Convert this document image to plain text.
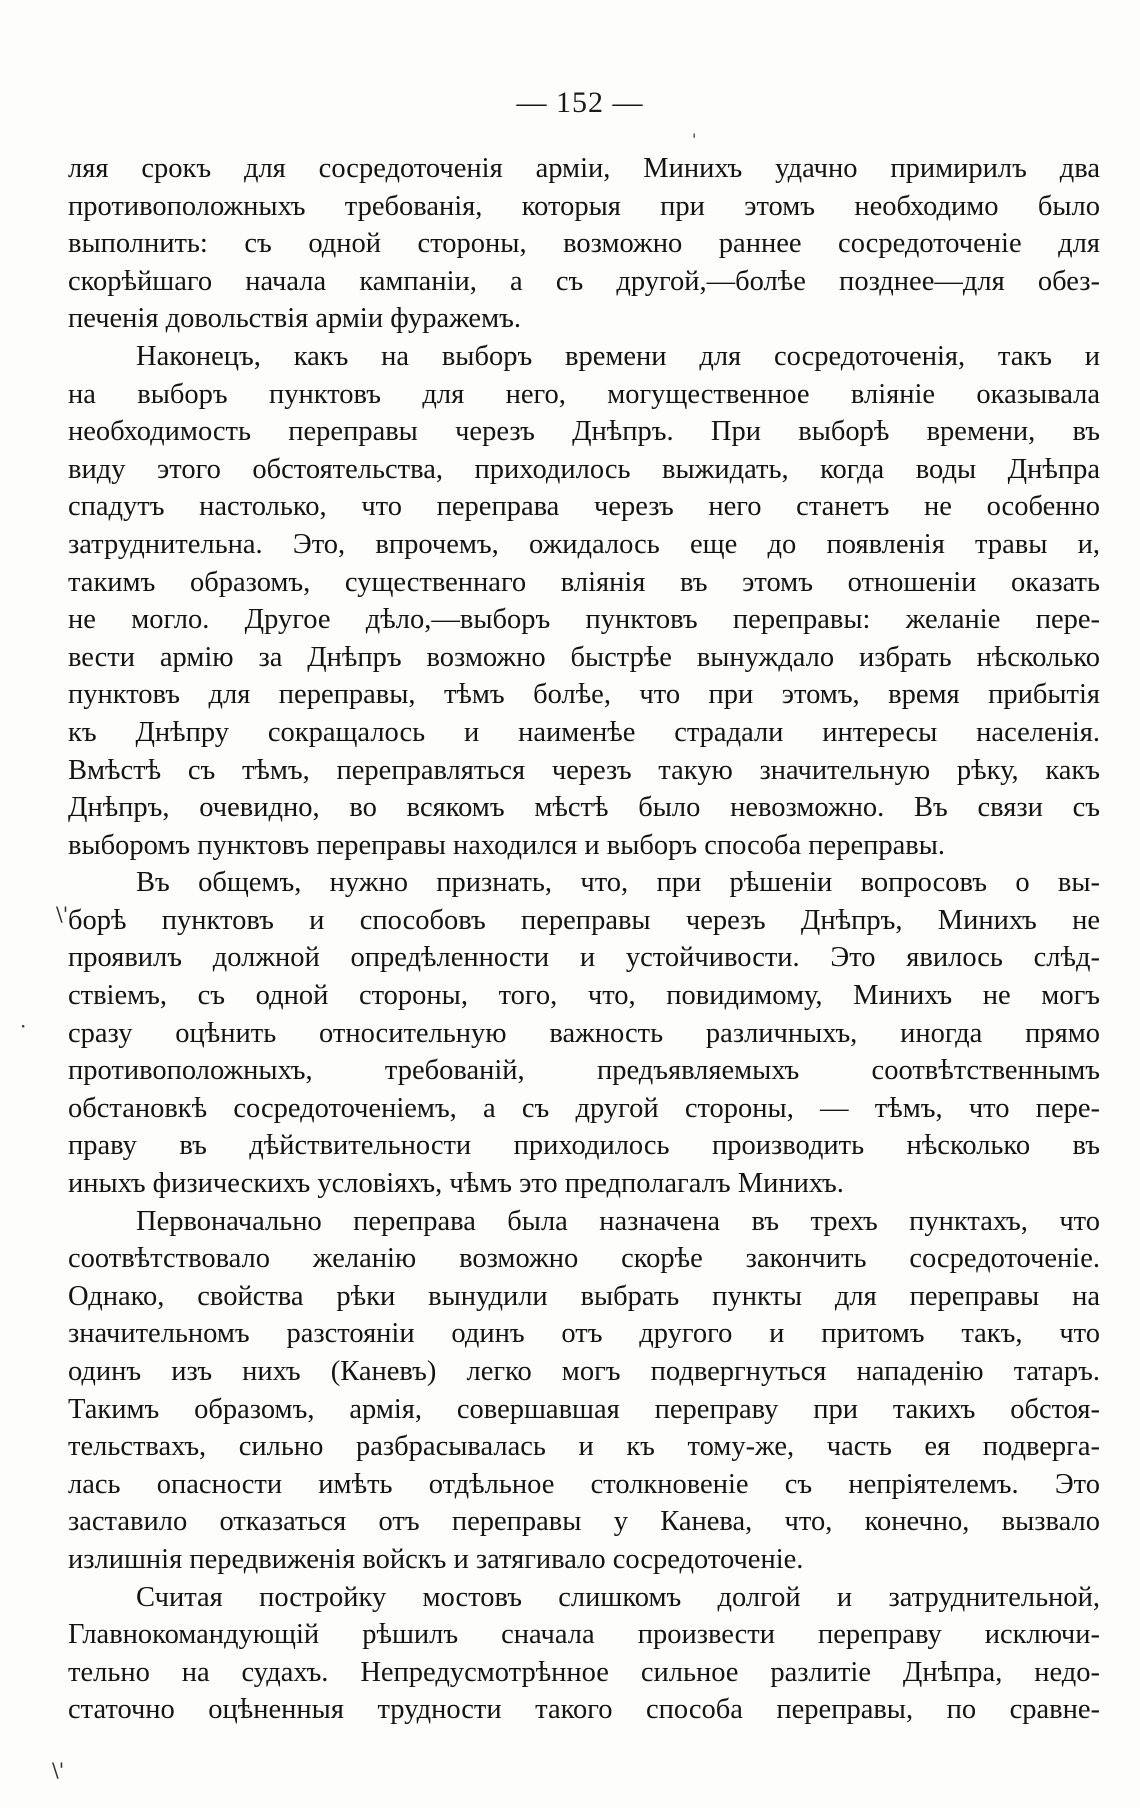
— 152 —
ляя срокъ для сосредоточенія арміи, Минихъ удачно примирилъ два
противоположныхъ требованія, которыя при этомъ необходимо было
выполнить: съ одной стороны, возможно раннее сосредоточеніе для
скорѣйшаго начала кампаніи, а съ другой,—болѣе позднее—для обез-
печенія довольствія арміи фуражемъ.
Наконецъ, какъ на выборъ времени для сосредоточенія, такъ и
на выборъ пунктовъ для него, могущественное вліяніе оказывала
необходимость переправы черезъ Днѣпръ. При выборѣ времени, въ
виду этого обстоятельства, приходилось выжидать, когда воды Днѣпра
спадутъ настолько, что переправа черезъ него станетъ не особенно
затруднительна. Это, впрочемъ, ожидалось еще до появленія травы и,
такимъ образомъ, существеннаго вліянія въ этомъ отношеніи оказать
не могло. Другое дѣло,—выборъ пунктовъ переправы: желаніе пере-
вести армію за Днѣпръ возможно быстрѣе вынуждало избрать нѣсколько
пунктовъ для переправы, тѣмъ болѣе, что при этомъ, время прибытія
къ Днѣпру сокращалось и наименѣе страдали интересы населенія.
Вмѣстѣ съ тѣмъ, переправляться черезъ такую значительную рѣку, какъ
Днѣпръ, очевидно, во всякомъ мѣстѣ было невозможно. Въ связи съ
выборомъ пунктовъ переправы находился и выборъ способа переправы.
Въ общемъ, нужно признать, что, при рѣшеніи вопросовъ о вы-
борѣ пунктовъ и способовъ переправы черезъ Днѣпръ, Минихъ не
проявилъ должной опредѣленности и устойчивости. Это явилось слѣд-
ствіемъ, съ одной стороны, того, что, повидимому, Минихъ не могъ
сразу оцѣнить относительную важность различныхъ, иногда прямо
противоположныхъ, требованій, предъявляемыхъ соотвѣтственнымъ
обстановкѣ сосредоточеніемъ, а съ другой стороны, — тѣмъ, что пере-
праву въ дѣйствительности приходилось производить нѣсколько въ
иныхъ физическихъ условіяхъ, чѣмъ это предполагалъ Минихъ.
Первоначально переправа была назначена въ трехъ пунктахъ, что
соотвѣтствовало желанію возможно скорѣе закончить сосредоточеніе.
Однако, свойства рѣки вынудили выбрать пункты для переправы на
значительномъ разстояніи одинъ отъ другого и притомъ такъ, что
одинъ изъ нихъ (Каневъ) легко могъ подвергнуться нападенію татаръ.
Такимъ образомъ, армія, совершавшая переправу при такихъ обстоя-
тельствахъ, сильно разбрасывалась и къ тому-же, часть ея подверга-
лась опасности имѣть отдѣльное столкновеніе съ непріятелемъ. Это
заставило отказаться отъ переправы у Канева, что, конечно, вызвало
излишнія передвиженія войскъ и затягивало сосредоточеніе.
Считая постройку мостовъ слишкомъ долгой и затруднительной,
Главнокомандующій рѣшилъ сначала произвести переправу исключи-
тельно на судахъ. Непредусмотрѣнное сильное разлитіе Днѣпра, недо-
статочно оцѣненныя трудности такого способа переправы, по сравне-
\'
·
\'
'
